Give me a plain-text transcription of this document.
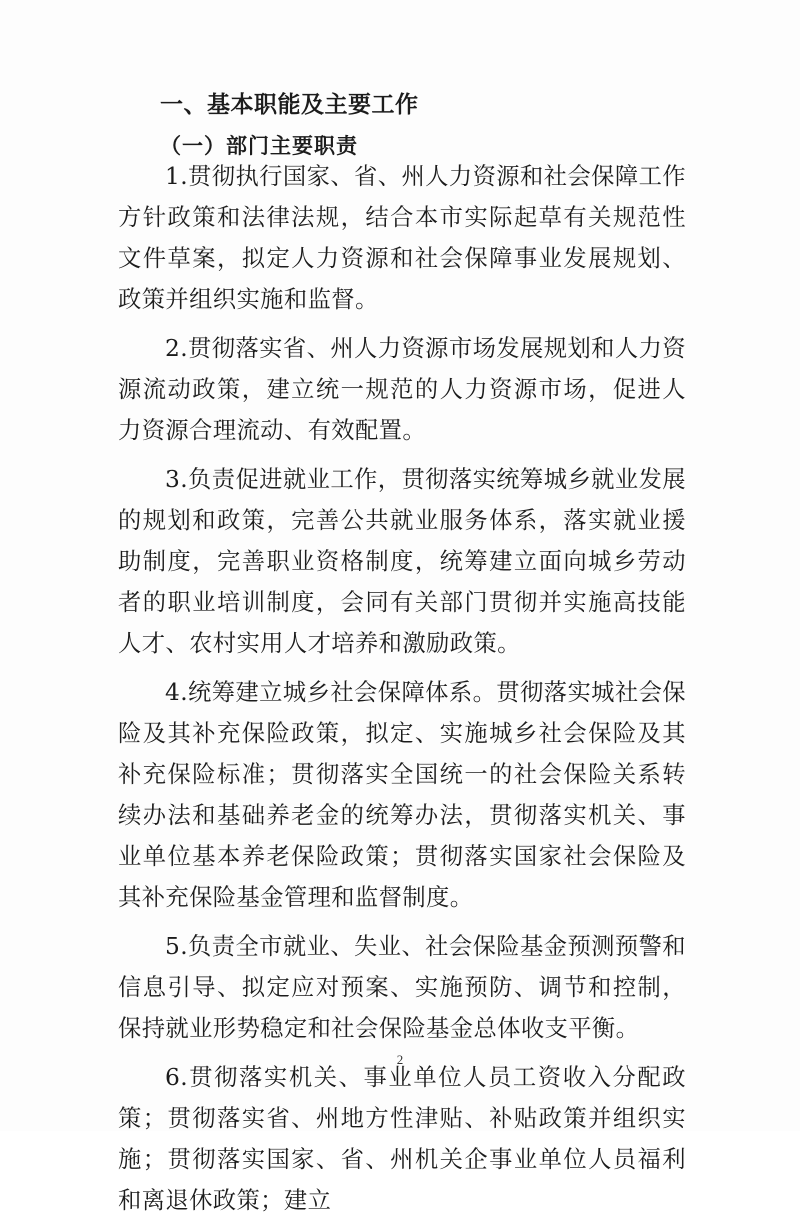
一、基本职能及主要工作
（一）部门主要职责

1.贯彻执行国家、省、州人力资源和社会保障工作方针政策和法律法规，结合本市实际起草有关规范性文件草案，拟定人力资源和社会保障事业发展规划、政策并组织实施和监督。

2.贯彻落实省、州人力资源市场发展规划和人力资源流动政策，建立统一规范的人力资源市场，促进人力资源合理流动、有效配置。

3.负责促进就业工作，贯彻落实统筹城乡就业发展的规划和政策，完善公共就业服务体系，落实就业援助制度，完善职业资格制度，统筹建立面向城乡劳动者的职业培训制度，会同有关部门贯彻并实施高技能人才、农村实用人才培养和激励政策。

4.统筹建立城乡社会保障体系。贯彻落实城社会保险及其补充保险政策，拟定、实施城乡社会保险及其补充保险标准；贯彻落实全国统一的社会保险关系转续办法和基础养老金的统筹办法，贯彻落实机关、事业单位基本养老保险政策；贯彻落实国家社会保险及其补充保险基金管理和监督制度。

5.负责全市就业、失业、社会保险基金预测预警和信息引导、拟定应对预案、实施预防、调节和控制，保持就业形势稳定和社会保险基金总体收支平衡。

6.贯彻落实机关、事业单位人员工资收入分配政策；贯彻落实省、州地方性津贴、补贴政策并组织实施；贯彻落实国家、省、州机关企事业单位人员福利和离退休政策；建立

2
